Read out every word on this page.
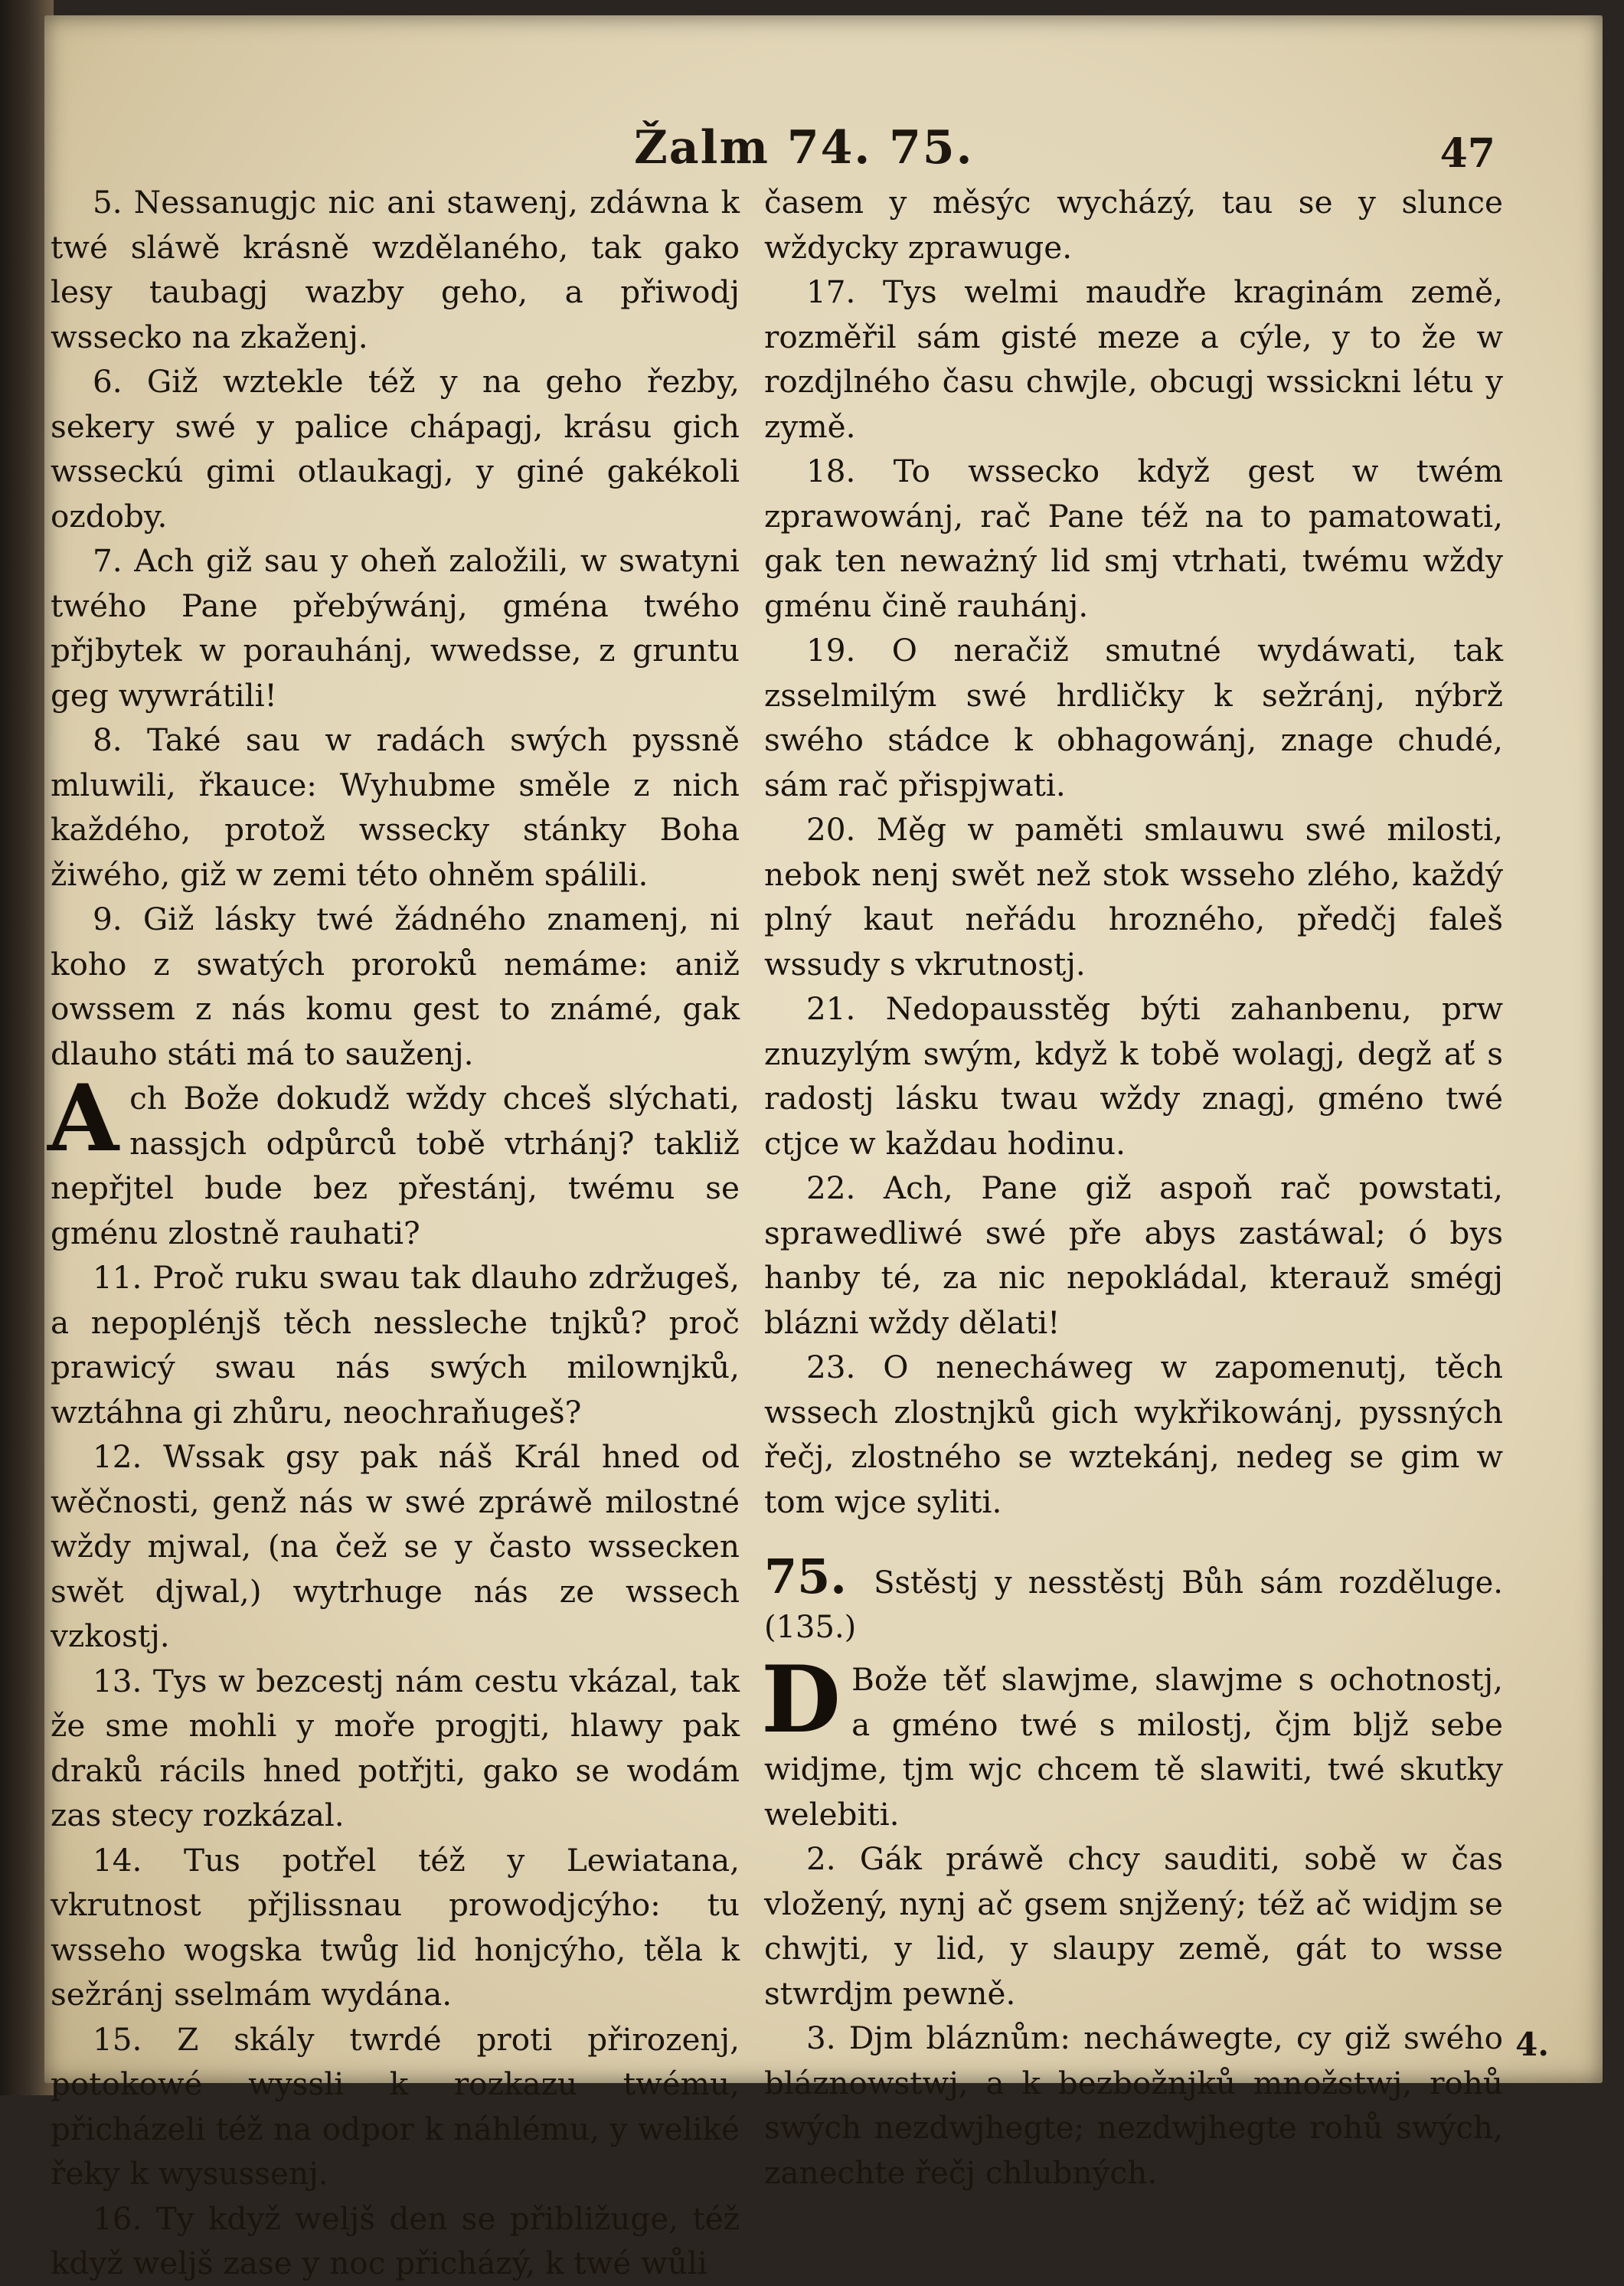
Žalm 74. 75.	47

5. Nessanugjc nic ani stawenj, zdáwna k twé sláwě krásně wzdělaného, tak gako lesy taubagj wazby geho, a přiwodj wssecko na zkaženj.

6. Giž wztekle též y na geho řezby, sekery swé y palice chápagj, krásu gich wsseckú gimi otlaukagj, y giné gakékoli ozdoby.

7. Ach giž sau y oheň založili, w swatyni twého Pane přebýwánj, gména twého přjbytek w porauhánj, wwedsse, z gruntu geg wywrátili!

8. Také sau w radách swých pyssně mluwili, řkauce: Wyhubme směle z nich každého, protož wssecky stánky Boha žiwého, giž w zemi této ohněm spálili.

9. Giž lásky twé žádného znamenj, ni koho z swatých proroků nemáme: aniž owssem z nás komu gest to známé, gak dlauho státi má to sauženj.

A ch Bože dokudž wždy chceš slýchati, nassjch odpůrců tobě vtrhánj? takliž nepřjtel bude bez přestánj, twému se gménu zlostně rauhati?

11. Proč ruku swau tak dlauho zdržugeš, a nepoplénjš těch nessleche tnjků? proč prawicý swau nás swých milownjků, wztáhna gi zhůru, neochraňugeš?

12. Wssak gsy pak náš Král hned od wěčnosti, genž nás w swé zpráwě milostné wždy mjwal, (na čež se y často wssecken swět djwal,) wytrhuge nás ze wssech vzkostj.

13. Tys w bezcestj nám cestu vkázal, tak že sme mohli y moře progjti, hlawy pak draků rácils hned potřjti, gako se wodám zas stecy rozkázal.

14. Tus potřel též y Lewiatana, vkrutnost přjlissnau prowodjcýho: tu wsseho wogska twůg lid honjcýho, těla k sežránj sselmám wydána.

15. Z skály twrdé proti přirozenj, potokowé wyssli k rozkazu twému, přicházeli též na odpor k náhlému, y weliké řeky k wysussenj.

16. Ty když weljš den se přibližuge, též když weljš zase y noc přicházý, k twé wůli

časem y měsýc wycházý, tau se y slunce wždycky zprawuge.

17. Tys welmi maudře kraginám země, rozměřil sám gisté meze a cýle, y to že w rozdjlného času chwjle, obcugj wssickni létu y zymě.

18. To wssecko když gest w twém zprawowánj, rač Pane též na to pamatowati, gak ten neważný lid smj vtrhati, twému wždy gménu čině rauhánj.

19. O neračiž smutné wydáwati, tak zsselmilým swé hrdličky k sežránj, nýbrž swého stádce k obhagowánj, znage chudé, sám rač přispjwati.

20. Měg w paměti smlauwu swé milosti, nebok nenj swět než stok wsseho zlého, každý plný kaut neřádu hrozného, předčj faleš wssudy s vkrutnostj.

21. Nedopausstěg býti zahanbenu, prw znuzylým swým, když k tobě wolagj, degž ať s radostj lásku twau wždy znagj, gméno twé ctjce w každau hodinu.

22. Ach, Pane giž aspoň rač powstati, sprawedliwé swé pře abys zastáwal; ó bys hanby té, za nic nepokládal, kterauž smégj blázni wždy dělati!

23. O nenecháweg w zapomenutj, těch wssech zlostnjků gich wykřikowánj, pyssných řečj, zlostného se wztekánj, nedeg se gim w tom wjce syliti.

75. Sstěstj y nesstěstj Bůh sám rozděluge. (135.)

D Bože těť slawjme, slawjme s ochotnostj, a gméno twé s milostj, čjm bljž sebe widjme, tjm wjc chcem tě slawiti, twé skutky welebiti.

2. Gák práwě chcy sauditi, sobě w čas vložený, nynj ač gsem snjžený; též ač widjm se chwjti, y lid, y slaupy země, gát to wsse stwrdjm pewně.

3. Djm bláznům: necháwegte, cy giž swého bláznowstwj, a k bezbožnjků množstwj, rohů swých nezdwjhegte; nezdwjhegte rohů swých, zanechte řečj chlubných.

4.
